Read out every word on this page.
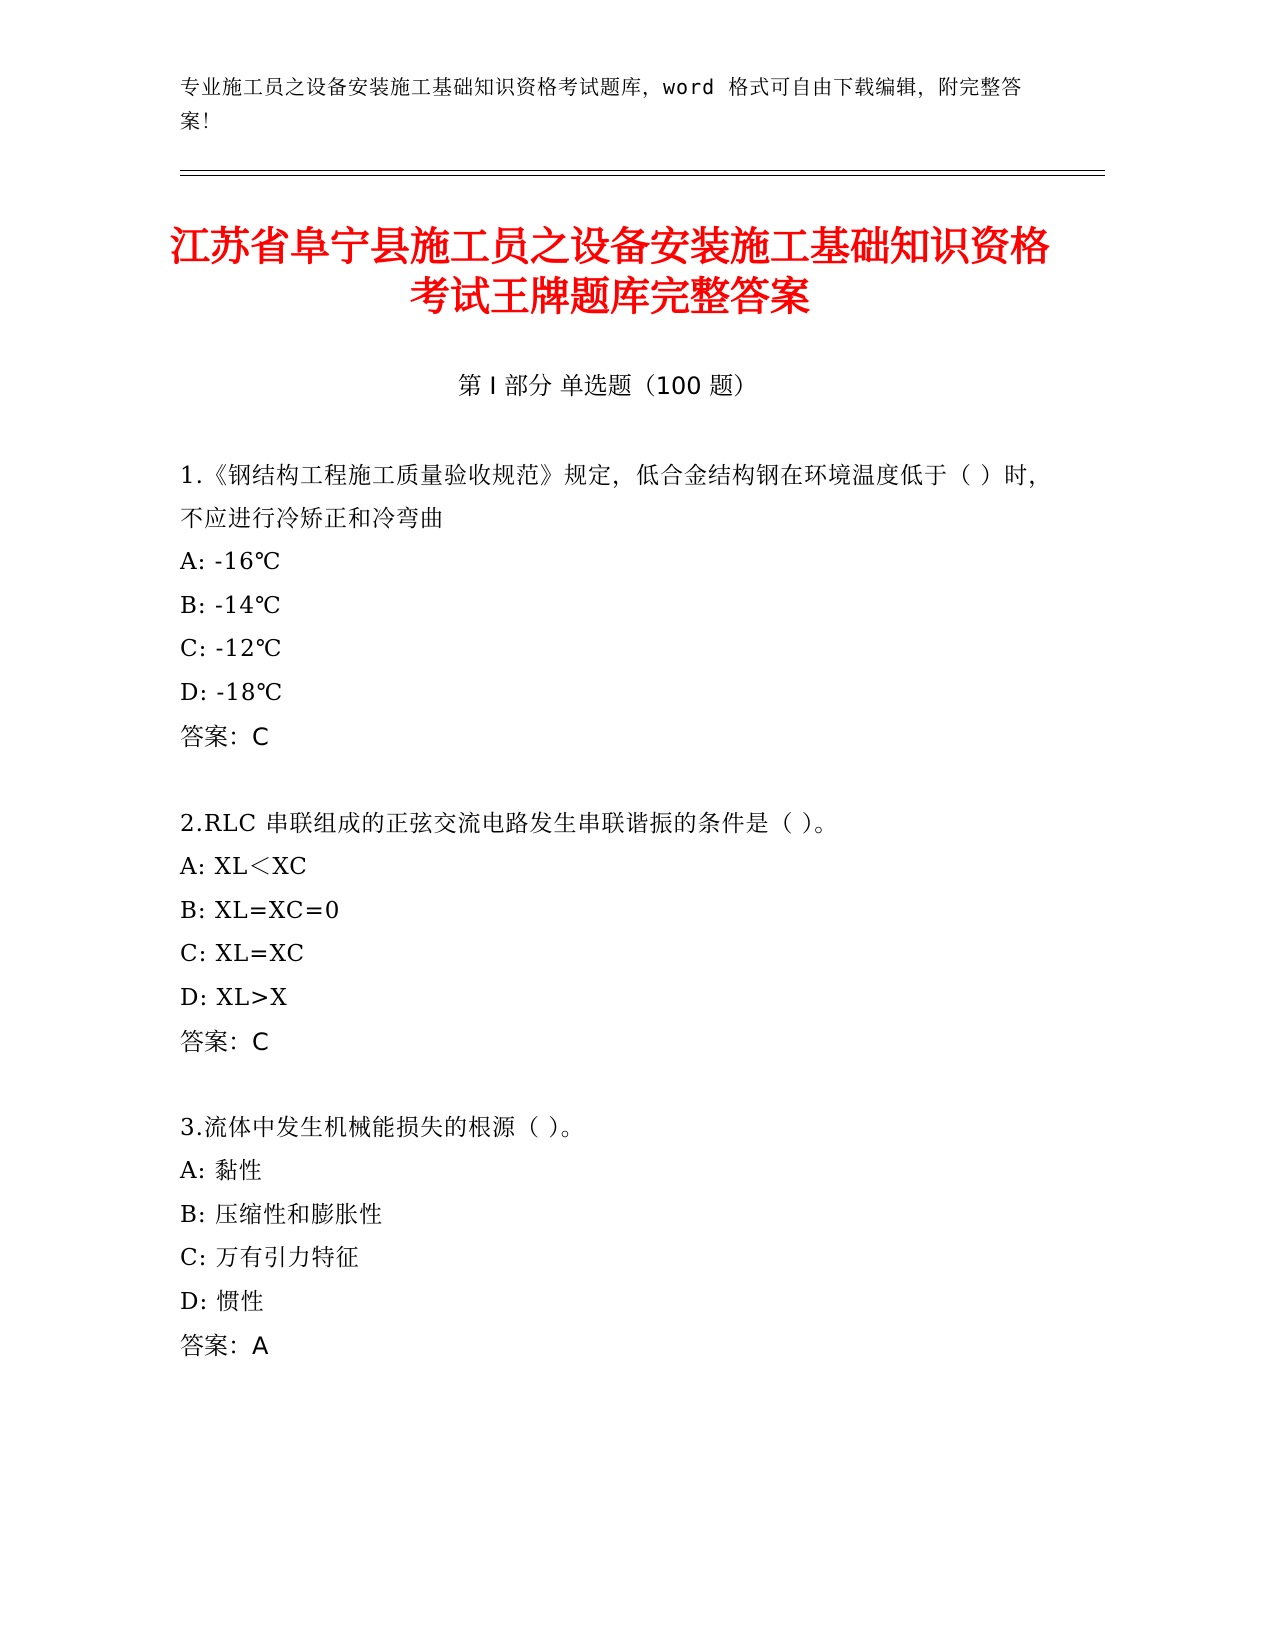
专业施工员之设备安装施工基础知识资格考试题库，word 格式可自由下载编辑，附完整答案！
江苏省阜宁县施工员之设备安装施工基础知识资格考试王牌题库完整答案
第 I 部分 单选题（100 题）
1.《钢结构工程施工质量验收规范》规定，低合金结构钢在环境温度低于（ ）时，不应进行冷矫正和冷弯曲
A: -16℃
B: -14℃
C: -12℃
D: -18℃
答案：C
2.RLC 串联组成的正弦交流电路发生串联谐振的条件是（ ）。
A: XL＜XC
B: XL=XC=0
C: XL=XC
D: XL>X
答案：C
3.流体中发生机械能损失的根源（ ）。
A: 黏性
B: 压缩性和膨胀性
C: 万有引力特征
D: 惯性
答案：A
